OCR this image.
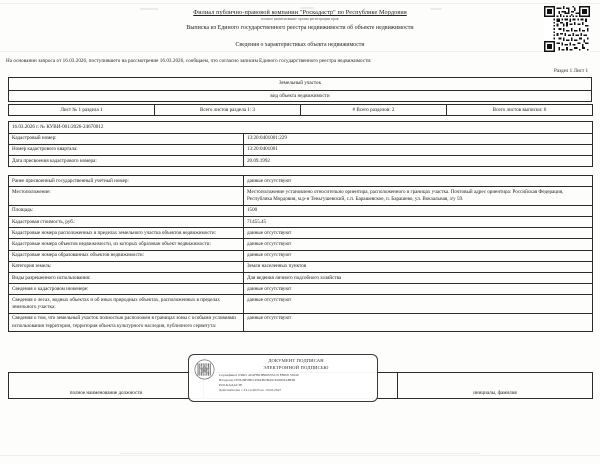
Филиал публично-правовой компании "Роскадастр" по Республике Мордовия
полное наименование органа регистрации прав
Выписка из Единого государственного реестра недвижимости об объекте недвижимости
Сведения о характеристиках объекта недвижимости
На основании запроса от 16.03.2026, поступившего на рассмотрение 16.03.2026, сообщаем, что согласно записям Единого государственного реестра недвижимости:
Раздел 1 Лист 1
Земельный участок
вид объекта недвижимости
Лист № 1 раздела 1	Всего листов раздела 1: 3	# Всего разделов: 2	Всего листов выписки: 6
16.03.2026 г. № КУВИ-001/2026-24670012	
Кадастровый номер:	13:20:0401001:229
Номер кадастрового квартала:	13:20:0401001
Дата присвоения кадастрового номера:	20.09.1992
Ранее присвоенный государственный учетный номер:	данные отсутствуют
Местоположение:	Местоположение установлено относительно ориентира, расположенного в границах участка. Почтовый адрес ориентира: Российская Федерация, Республика Мордовия, м.р-н Теньгушевский, с.п. Барашевское, п. Барашево, ул. Вокзальная, з/у 59.
Площадь:	1500
Кадастровая стоимость, руб.:	71455.45
Кадастровые номера расположенных в пределах земельного участка объектов недвижимости:	данные отсутствуют
Кадастровые номера объектов недвижимости, из которых образован объект недвижимости:	данные отсутствуют
Кадастровые номера образованных объектов недвижимости:	данные отсутствуют
Категория земель:	Земли населенных пунктов
Виды разрешенного использования:	Для ведения личного подсобного хозяйства
Сведения о кадастровом инженере:	данные отсутствуют
Сведения о лесах, водных объектах и об иных природных объектах, расположенных в пределах земельного участка:	данные отсутствуют
Сведения о том, что земельный участок полностью расположен в границах зоны с особыми условиями использования территории, территория объекта культурного наследия, публичного сервитута:	данные отсутствуют
полное наименование должности		инициалы, фамилия
ДОКУМЕНТ ПОДПИСАН
ЭЛЕКТРОННОЙ ПОДПИСЬЮ
Сертификат 03605 46 6FB03B00955219 F8608 55640
Владелец ПУБЛИЧНО-ПРАВОВАЯ КОМПАНИЯ
РОСКАДАСТР
Действителен с 23.12.2025 по 19.02.2027
